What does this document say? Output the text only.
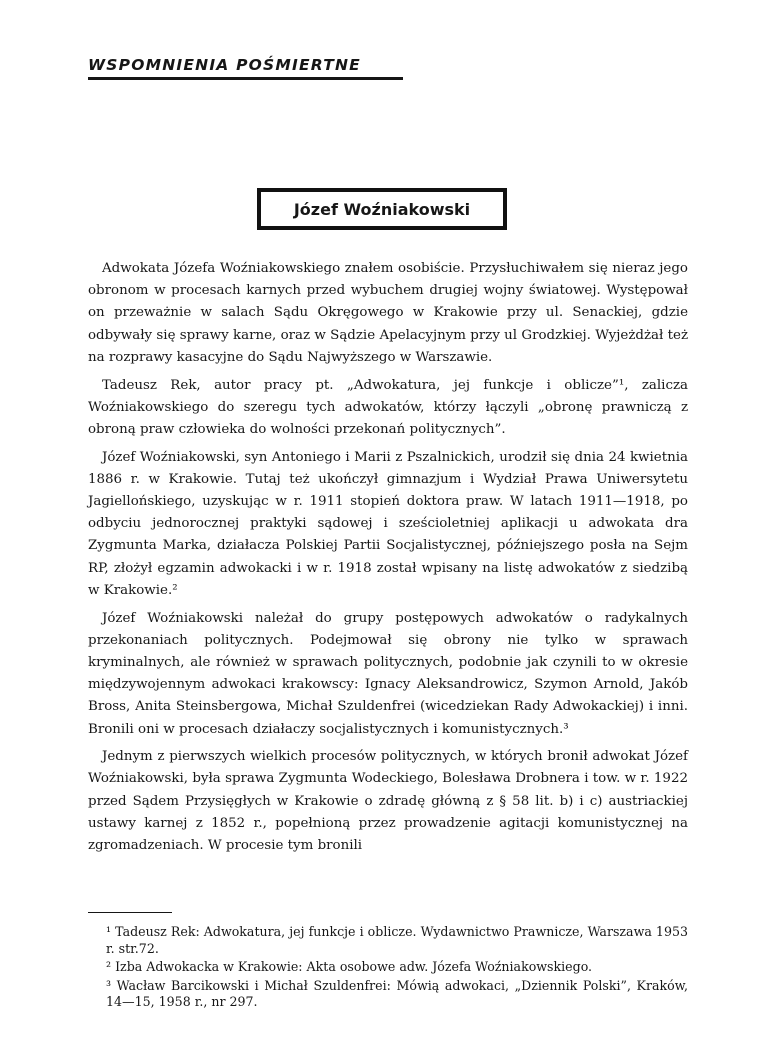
WSPOMNIENIA POŚMIERTNE
Józef Woźniakowski

Adwokata Józefa Woźniakowskiego znałem osobiście. Przysłuchiwałem się nieraz jego obronom w procesach karnych przed wybuchem drugiej wojny światowej. Występował on przeważnie w salach Sądu Okręgowego w Krakowie przy ul. Senackiej, gdzie odbywały się sprawy karne, oraz w Sądzie Apelacyjnym przy ul Grodzkiej. Wyjeżdżał też na rozprawy kasacyjne do Sądu Najwyższego w Warszawie.

Tadeusz Rek, autor pracy pt. „Adwokatura, jej funkcje i oblicze”¹, zalicza Woźniakowskiego do szeregu tych adwokatów, którzy łączyli „obronę prawniczą z obroną praw człowieka do wolności przekonań politycznych”.

Józef Woźniakowski, syn Antoniego i Marii z Pszalnickich, urodził się dnia 24 kwietnia 1886 r. w Krakowie. Tutaj też ukończył gimnazjum i Wydział Prawa Uniwersytetu Jagiellońskiego, uzyskując w r. 1911 stopień doktora praw. W latach 1911—1918, po odbyciu jednorocznej praktyki sądowej i sześcioletniej aplikacji u adwokata dra Zygmunta Marka, działacza Polskiej Partii Socjalistycznej, późniejszego posła na Sejm RP, złożył egzamin adwokacki i w r. 1918 został wpisany na listę adwokatów z siedzibą w Krakowie.²

Józef Woźniakowski należał do grupy postępowych adwokatów o radykalnych przekonaniach politycznych. Podejmował się obrony nie tylko w sprawach kryminalnych, ale również w sprawach politycznych, podobnie jak czynili to w okresie międzywojennym adwokaci krakowscy: Ignacy Aleksandrowicz, Szymon Arnold, Jakób Bross, Anita Steinsbergowa, Michał Szuldenfrei (wicedziekan Rady Adwokackiej) i inni. Bronili oni w procesach działaczy socjalistycznych i komunistycznych.³

Jednym z pierwszych wielkich procesów politycznych, w których bronił adwokat Józef Woźniakowski, była sprawa Zygmunta Wodeckiego, Bolesława Drobnera i tow. w r. 1922 przed Sądem Przysięgłych w Krakowie o zdradę główną z § 58 lit. b) i c) austriackiej ustawy karnej z 1852 r., popełnioną przez prowadzenie agitacji komunistycznej na zgromadzeniach. W procesie tym bronili

¹ Tadeusz Rek: Adwokatura, jej funkcje i oblicze. Wydawnictwo Prawnicze, Warszawa 1953 r. str.72.
² Izba Adwokacka w Krakowie: Akta osobowe adw. Józefa Woźniakowskiego.
³ Wacław Barcikowski i Michał Szuldenfrei: Mówią adwokaci, „Dziennik Polski”, Kraków, 14—15, 1958 r., nr 297.
